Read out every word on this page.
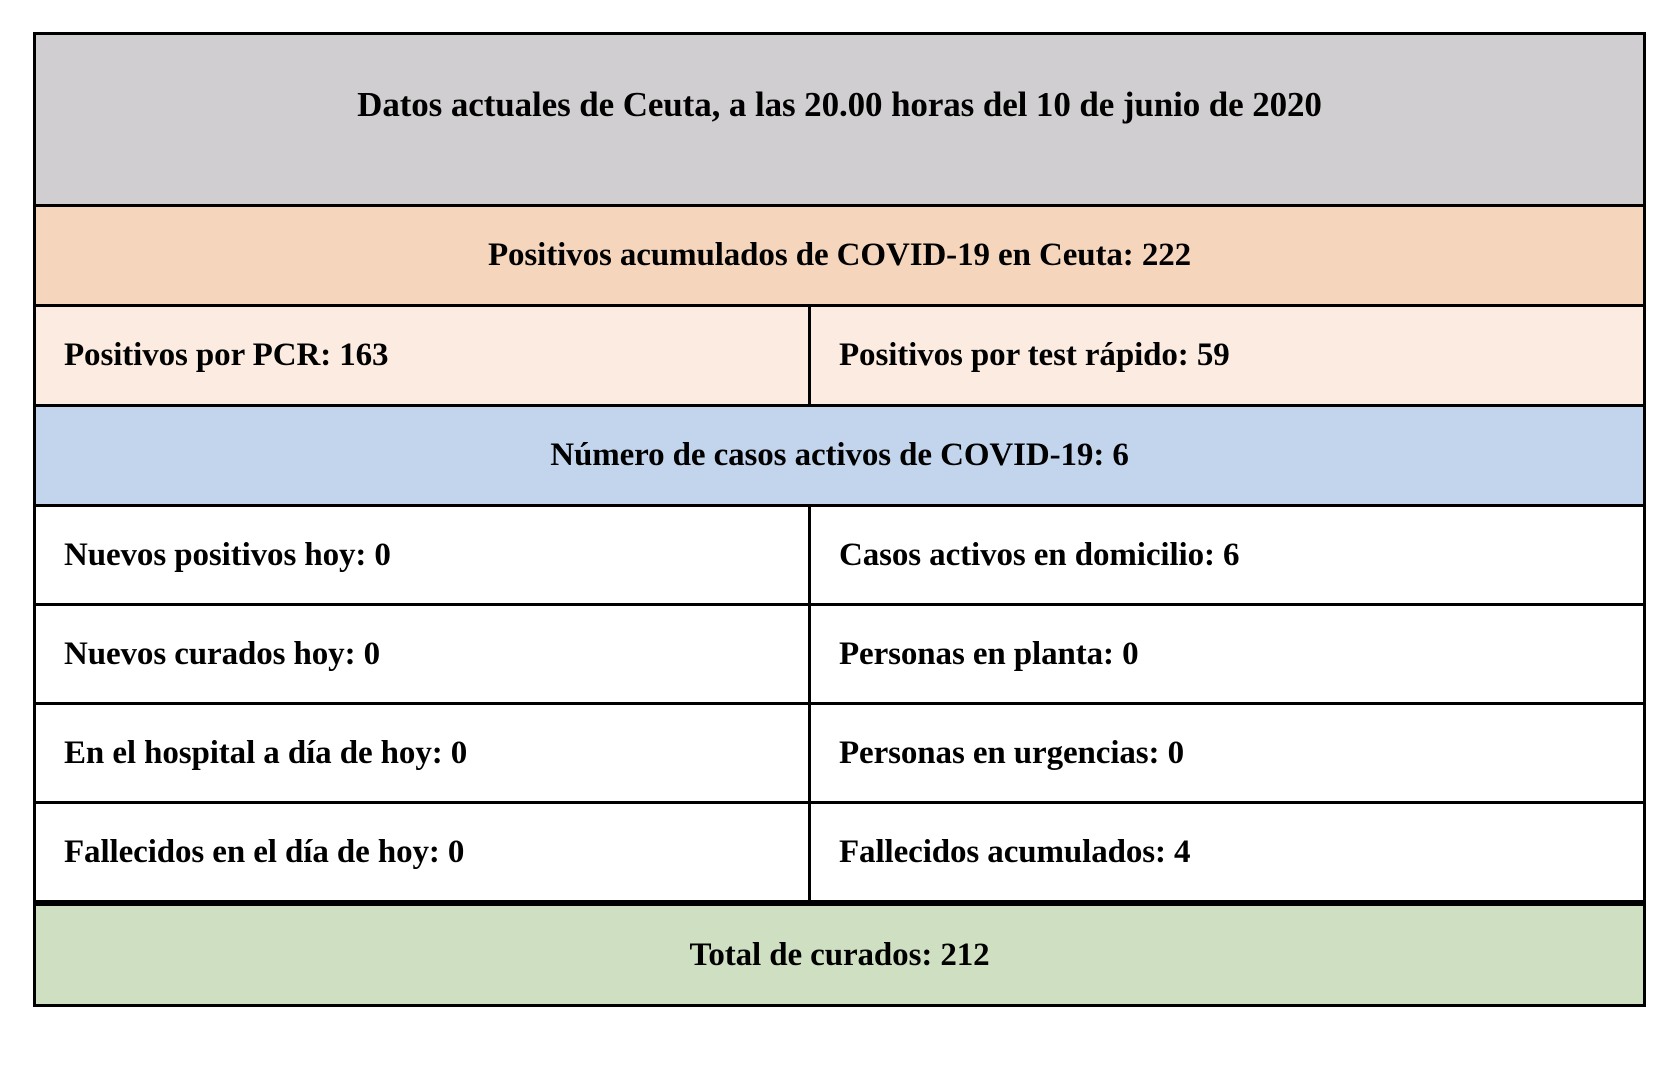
Datos actuales de Ceuta, a las 20.00 horas del 10 de junio de 2020
Positivos acumulados de COVID-19 en Ceuta: 222
Positivos por PCR: 163	Positivos por test rápido: 59
Número de casos activos de COVID-19: 6
Nuevos positivos hoy: 0	Casos activos en domicilio: 6
Nuevos curados hoy: 0	Personas en planta: 0
En el hospital a día de hoy: 0	Personas en urgencias: 0
Fallecidos en el día de hoy: 0	Fallecidos acumulados: 4
Total de curados: 212
